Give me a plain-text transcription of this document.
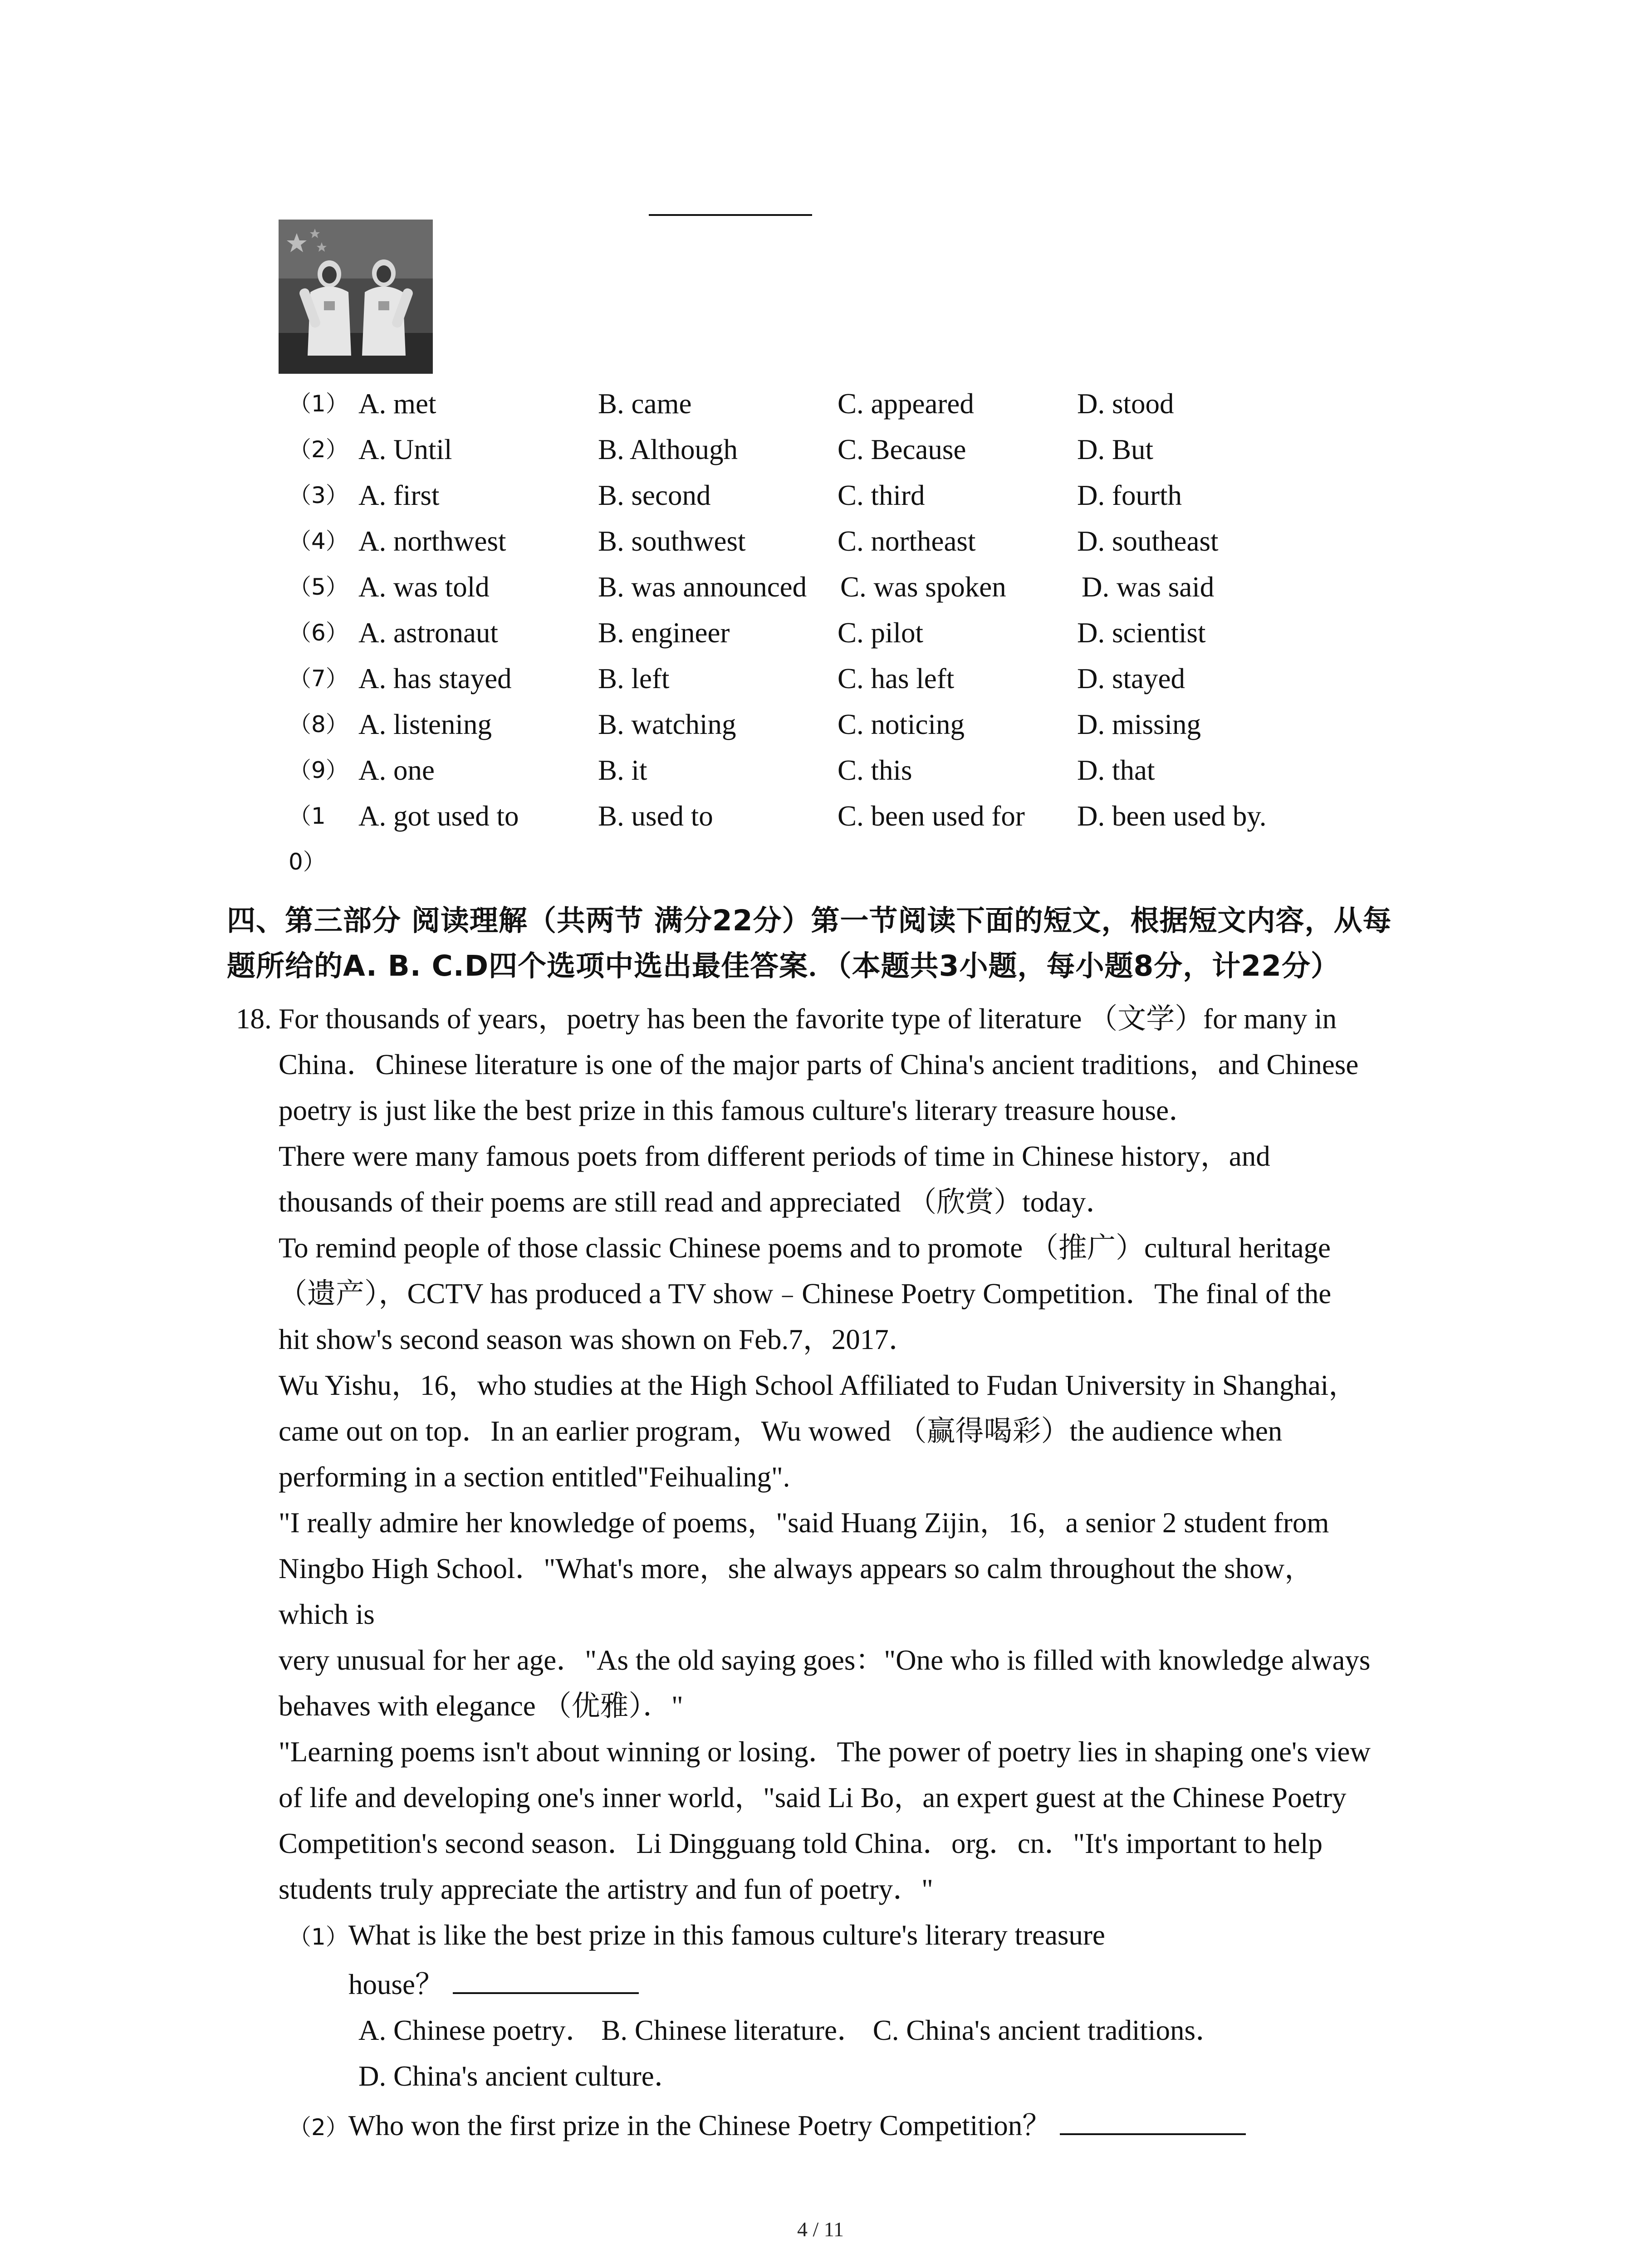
（1） A. met	B. came	C. appeared	D. stood
（2） A. Until	B. Although	C. Because	D. But
（3） A. first	B. second	C. third	D. fourth
（4） A. northwest	B. southwest	C. northeast	D. southeast
（5） A. was told	B. was announced C. was spoken	D. was said
（6） A. astronaut	B. engineer	C. pilot	D. scientist
（7） A. has stayed	B. left	C. has left	D. stayed
（8） A. listening	B. watching	C. noticing	D. missing
（9） A. one	B. it	C. this	D. that
（1 A. got used to	B. used to	C. been used for D. been used by.
0）
四、第三部分 阅读理解（共两节 满分22分）第一节阅读下面的短文，根据短文内容，从每
题所给的A. B. C.D四个选项中选出最佳答案．（本题共3小题，每小题8分，计22分）
18. For thousands of years，poetry has been the favorite type of literature （文学）for many in
China．Chinese literature is one of the major parts of China's ancient traditions，and Chinese
poetry is just like the best prize in this famous culture's literary treasure house．
There were many famous poets from different periods of time in Chinese history，and
thousands of their poems are still read and appreciated （欣赏）today．
To remind people of those classic Chinese poems and to promote （推广）cultural heritage
（遗产），CCTV has produced a TV show﹣Chinese Poetry Competition．The final of the
hit show's second season was shown on Feb.7，2017．
Wu Yishu，16，who studies at the High School Affiliated to Fudan University in Shanghai，
came out on top．In an earlier program，Wu wowed （赢得喝彩）the audience when
performing in a section entitled"Feihualing".
"I really admire her knowledge of poems，"said Huang Zijin，16，a senior 2 student from
Ningbo High School．"What's more，she always appears so calm throughout the show，
which is
very unusual for her age．"As the old saying goes："One who is filled with knowledge always
behaves with elegance （优雅）．"
"Learning poems isn't about winning or losing．The power of poetry lies in shaping one's view
of life and developing one's inner world，"said Li Bo，an expert guest at the Chinese Poetry
Competition's second season．Li Dingguang told China．org．cn．"It's important to help
students truly appreciate the artistry and fun of poetry．"
（1）What is like the best prize in this famous culture's literary treasure
house？
A. Chinese poetry． B. Chinese literature． C. China's ancient traditions．
D. China's ancient culture．
（2）Who won the first prize in the Chinese Poetry Competition？
4 / 11
